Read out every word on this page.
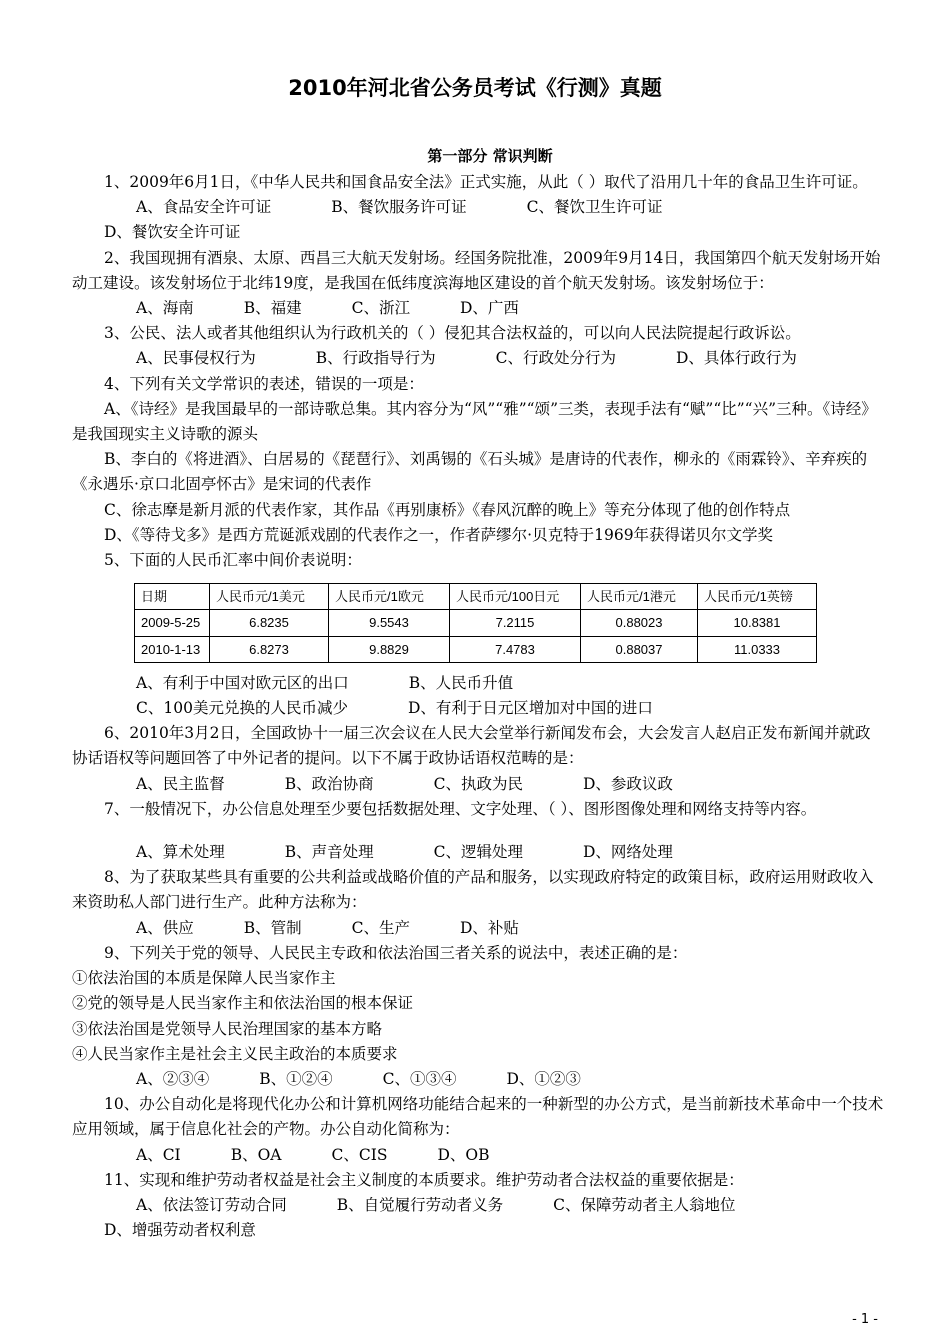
2010年河北省公务员考试《行测》真题
第一部分 常识判断

1、2009年6月1日，《中华人民共和国食品安全法》正式实施，从此（ ）取代了沿用几十年的食品卫生许可证。

A、食品安全许可证	B、餐饮服务许可证	C、餐饮卫生许可证D、餐饮安全许可证

2、我国现拥有酒泉、太原、西昌三大航天发射场。经国务院批准，2009年9月14日，我国第四个航天发射场开始动工建设。该发射场位于北纬19度，是我国在低纬度滨海地区建设的首个航天发射场。该发射场位于：

A、海南	B、福建	C、浙江	D、广西

3、公民、法人或者其他组织认为行政机关的（ ）侵犯其合法权益的，可以向人民法院提起行政诉讼。

A、民事侵权行为	B、行政指导行为	C、行政处分行为	D、具体行政行为

4、下列有关文学常识的表述，错误的一项是：

A、《诗经》是我国最早的一部诗歌总集。其内容分为“风”“雅”“颂”三类，表现手法有“赋”“比”“兴”三种。《诗经》是我国现实主义诗歌的源头

B、李白的《将进酒》、白居易的《琵琶行》、刘禹锡的《石头城》是唐诗的代表作，柳永的《雨霖铃》、辛弃疾的《永遇乐·京口北固亭怀古》是宋词的代表作

C、徐志摩是新月派的代表作家，其作品《再别康桥》《春风沉醉的晚上》等充分体现了他的创作特点

D、《等待戈多》是西方荒诞派戏剧的代表作之一，作者萨缪尔·贝克特于1969年获得诺贝尔文学奖

5、下面的人民币汇率中间价表说明：

日期	人民币元/1美元	人民币元/1欧元	人民币元/100日元	人民币元/1港元	人民币元/1英镑
2009-5-25	6.8235	9.5543	7.2115	0.88023	10.8381
2010-1-13	6.8273	9.8829	7.4783	0.88037	11.0333

A、有利于中国对欧元区的出口	B、人民币升值

C、100美元兑换的人民币减少	D、有利于日元区增加对中国的进口

6、2010年3月2日，全国政协十一届三次会议在人民大会堂举行新闻发布会，大会发言人赵启正发布新闻并就政协话语权等问题回答了中外记者的提问。以下不属于政协话语权范畴的是：

A、民主监督	B、政治协商	C、执政为民	D、参政议政

7、一般情况下，办公信息处理至少要包括数据处理、文字处理、（ ）、图形图像处理和网络支持等内容。

A、算术处理	B、声音处理	C、逻辑处理	D、网络处理

8、为了获取某些具有重要的公共利益或战略价值的产品和服务，以实现政府特定的政策目标，政府运用财政收入来资助私人部门进行生产。此种方法称为：

A、供应	B、管制	C、生产	D、补贴

9、下列关于党的领导、人民民主专政和依法治国三者关系的说法中，表述正确的是：

①依法治国的本质是保障人民当家作主

②党的领导是人民当家作主和依法治国的根本保证

③依法治国是党领导人民治理国家的基本方略

④人民当家作主是社会主义民主政治的本质要求

A、②③④	B、①②④	C、①③④	D、①②③

10、办公自动化是将现代化办公和计算机网络功能结合起来的一种新型的办公方式，是当前新技术革命中一个技术应用领域，属于信息化社会的产物。办公自动化简称为：

A、CI	B、OA	C、CIS	D、OB

11、实现和维护劳动者权益是社会主义制度的本质要求。维护劳动者合法权益的重要依据是：

A、依法签订劳动合同	B、自觉履行劳动者义务	C、保障劳动者主人翁地位D、增强劳动者权利意

- 1 -
